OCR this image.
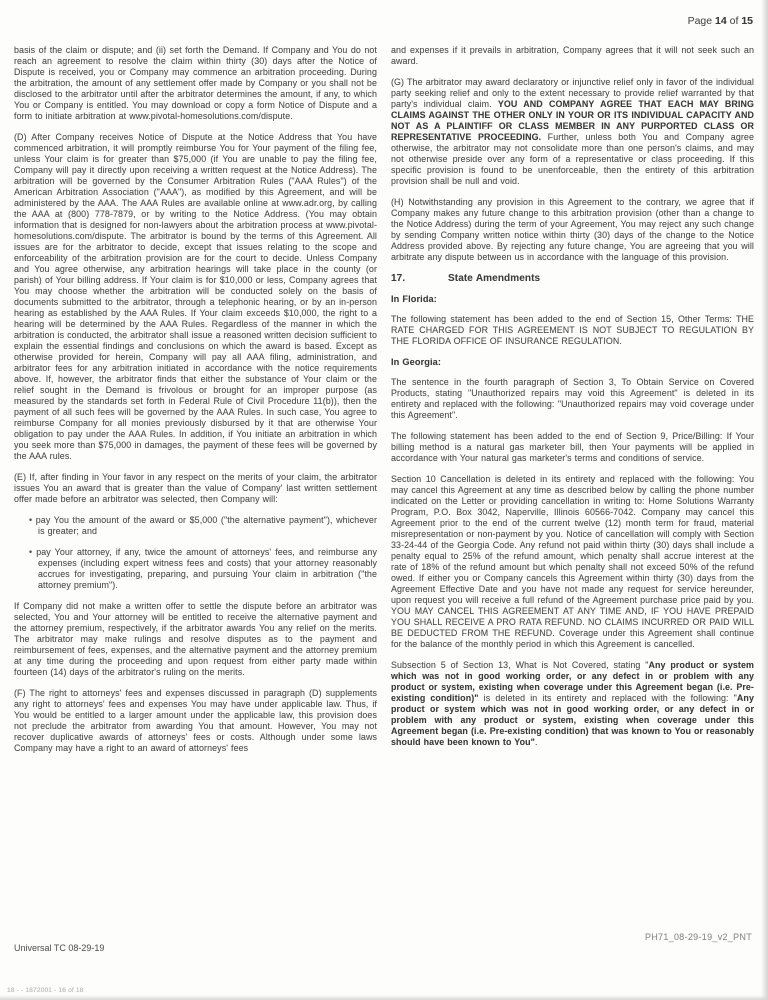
Page 14 of 15
basis of the claim or dispute; and (ii) set forth the Demand. If Company and You do not reach an agreement to resolve the claim within thirty (30) days after the Notice of Dispute is received, you or Company may commence an arbitration proceeding. During the arbitration, the amount of any settlement offer made by Company or you shall not be disclosed to the arbitrator until after the arbitrator determines the amount, if any, to which You or Company is entitled. You may download or copy a form Notice of Dispute and a form to initiate arbitration at www.pivotal-homesolutions.com/dispute.
(D) After Company receives Notice of Dispute at the Notice Address that You have commenced arbitration, it will promptly reimburse You for Your payment of the filing fee, unless Your claim is for greater than $75,000 (if You are unable to pay the filing fee, Company will pay it directly upon receiving a written request at the Notice Address). The arbitration will be governed by the Consumer Arbitration Rules ("AAA Rules") of the American Arbitration Association ("AAA"), as modified by this Agreement, and will be administered by the AAA. The AAA Rules are available online at www.adr.org, by calling the AAA at (800) 778-7879, or by writing to the Notice Address. (You may obtain information that is designed for non-lawyers about the arbitration process at www.pivotal-homesolutions.com/dispute. The arbitrator is bound by the terms of this Agreement. All issues are for the arbitrator to decide, except that issues relating to the scope and enforceability of the arbitration provision are for the court to decide. Unless Company and You agree otherwise, any arbitration hearings will take place in the county (or parish) of Your billing address. If Your claim is for $10,000 or less, Company agrees that You may choose whether the arbitration will be conducted solely on the basis of documents submitted to the arbitrator, through a telephonic hearing, or by an in-person hearing as established by the AAA Rules. If Your claim exceeds $10,000, the right to a hearing will be determined by the AAA Rules. Regardless of the manner in which the arbitration is conducted, the arbitrator shall issue a reasoned written decision sufficient to explain the essential findings and conclusions on which the award is based. Except as otherwise provided for herein, Company will pay all AAA filing, administration, and arbitrator fees for any arbitration initiated in accordance with the notice requirements above. If, however, the arbitrator finds that either the substance of Your claim or the relief sought in the Demand is frivolous or brought for an improper purpose (as measured by the standards set forth in Federal Rule of Civil Procedure 11(b)), then the payment of all such fees will be governed by the AAA Rules. In such case, You agree to reimburse Company for all monies previously disbursed by it that are otherwise Your obligation to pay under the AAA Rules. In addition, if You initiate an arbitration in which you seek more than $75,000 in damages, the payment of these fees will be governed by the AAA rules.
(E) If, after finding in Your favor in any respect on the merits of your claim, the arbitrator issues You an award that is greater than the value of Company' last written settlement offer made before an arbitrator was selected, then Company will:
• pay You the amount of the award or $5,000 ("the alternative payment"), whichever is greater; and
• pay Your attorney, if any, twice the amount of attorneys' fees, and reimburse any expenses (including expert witness fees and costs) that your attorney reasonably accrues for investigating, preparing, and pursuing Your claim in arbitration ("the attorney premium").
If Company did not make a written offer to settle the dispute before an arbitrator was selected, You and Your attorney will be entitled to receive the alternative payment and the attorney premium, respectively, if the arbitrator awards You any relief on the merits. The arbitrator may make rulings and resolve disputes as to the payment and reimbursement of fees, expenses, and the alternative payment and the attorney premium at any time during the proceeding and upon request from either party made within fourteen (14) days of the arbitrator's ruling on the merits.
(F) The right to attorneys' fees and expenses discussed in paragraph (D) supplements any right to attorneys' fees and expenses You may have under applicable law. Thus, if You would be entitled to a larger amount under the applicable law, this provision does not preclude the arbitrator from awarding You that amount. However, You may not recover duplicative awards of attorneys' fees or costs. Although under some laws Company may have a right to an award of attorneys' fees
and expenses if it prevails in arbitration, Company agrees that it will not seek such an award.
(G) The arbitrator may award declaratory or injunctive relief only in favor of the individual party seeking relief and only to the extent necessary to provide relief warranted by that party's individual claim. YOU AND COMPANY AGREE THAT EACH MAY BRING CLAIMS AGAINST THE OTHER ONLY IN YOUR OR ITS INDIVIDUAL CAPACITY AND NOT AS A PLAINTIFF OR CLASS MEMBER IN ANY PURPORTED CLASS OR REPRESENTATIVE PROCEEDING. Further, unless both You and Company agree otherwise, the arbitrator may not consolidate more than one person's claims, and may not otherwise preside over any form of a representative or class proceeding. If this specific provision is found to be unenforceable, then the entirety of this arbitration provision shall be null and void.
(H) Notwithstanding any provision in this Agreement to the contrary, we agree that if Company makes any future change to this arbitration provision (other than a change to the Notice Address) during the term of your Agreement, You may reject any such change by sending Company written notice within thirty (30) days of the change to the Notice Address provided above. By rejecting any future change, You are agreeing that you will arbitrate any dispute between us in accordance with the language of this provision.
17.	State Amendments
In Florida:
The following statement has been added to the end of Section 15, Other Terms: THE RATE CHARGED FOR THIS AGREEMENT IS NOT SUBJECT TO REGULATION BY THE FLORIDA OFFICE OF INSURANCE REGULATION.
In Georgia:
The sentence in the fourth paragraph of Section 3, To Obtain Service on Covered Products, stating "Unauthorized repairs may void this Agreement" is deleted in its entirety and replaced with the following: "Unauthorized repairs may void coverage under this Agreement".
The following statement has been added to the end of Section 9, Price/Billing: If Your billing method is a natural gas marketer bill, then Your payments will be applied in accordance with Your natural gas marketer's terms and conditions of service.
Section 10 Cancellation is deleted in its entirety and replaced with the following: You may cancel this Agreement at any time as described below by calling the phone number indicated on the Letter or providing cancellation in writing to: Home Solutions Warranty Program, P.O. Box 3042, Naperville, Illinois 60566-7042. Company may cancel this Agreement prior to the end of the current twelve (12) month term for fraud, material misrepresentation or non-payment by you. Notice of cancellation will comply with Section 33-24-44 of the Georgia Code. Any refund not paid within thirty (30) days shall include a penalty equal to 25% of the refund amount, which penalty shall accrue interest at the rate of 18% of the refund amount but which penalty shall not exceed 50% of the refund owed. If either you or Company cancels this Agreement within thirty (30) days from the Agreement Effective Date and you have not made any request for service hereunder, upon request you will receive a full refund of the Agreement purchase price paid by you. YOU MAY CANCEL THIS AGREEMENT AT ANY TIME AND, IF YOU HAVE PREPAID YOU SHALL RECEIVE A PRO RATA REFUND. NO CLAIMS INCURRED OR PAID WILL BE DEDUCTED FROM THE REFUND. Coverage under this Agreement shall continue for the balance of the monthly period in which this Agreement is cancelled.
Subsection 5 of Section 13, What is Not Covered, stating "Any product or system which was not in good working order, or any defect in or problem with any product or system, existing when coverage under this Agreement began (i.e. Pre-existing condition)" is deleted in its entirety and replaced with the following: "Any product or system which was not in good working order, or any defect in or problem with any product or system, existing when coverage under this Agreement began (i.e. Pre-existing condition) that was known to You or reasonably should have been known to You".
Universal TC 08-29-19
PH71_08-29-19_v2_PNT
18 - - 1872001 - 16 of 18
